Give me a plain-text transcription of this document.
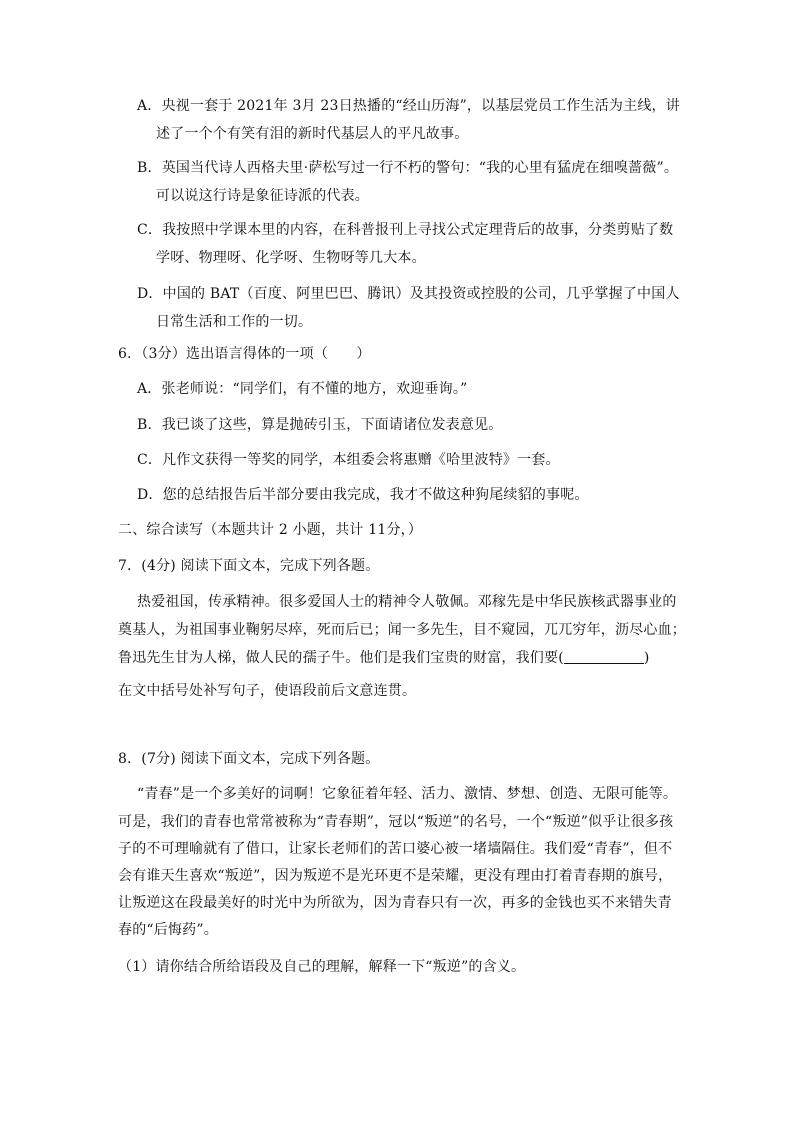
A．央视一套于 2021年 3月 23日热播的“经山历海”，以基层党员工作生活为主线，讲
述了一个个有笑有泪的新时代基层人的平凡故事。
B．英国当代诗人西格夫里·萨松写过一行不朽的警句：“我的心里有猛虎在细嗅蔷薇”。
可以说这行诗是象征诗派的代表。
C．我按照中学课本里的内容，在科普报刊上寻找公式定理背后的故事，分类剪贴了数
学呀、物理呀、化学呀、生物呀等几大本。
D．中国的 BAT（百度、阿里巴巴、腾讯）及其投资或控股的公司，几乎掌握了中国人
日常生活和工作的一切。
6．（3分）选出语言得体的一项（　　）
A．张老师说：“同学们，有不懂的地方，欢迎垂询。”
B．我已谈了这些，算是抛砖引玉，下面请诸位发表意见。
C．凡作文获得一等奖的同学，本组委会将惠赠《哈里波特》一套。
D．您的总结报告后半部分要由我完成，我才不做这种狗尾续貂的事呢。
二、综合读写（本题共计 2 小题，共计 11分，）
7．(4分) 阅读下面文本，完成下列各题。
热爱祖国，传承精神。很多爱国人士的精神令人敬佩。邓稼先是中华民族核武器事业的
奠基人，为祖国事业鞠躬尽瘁，死而后已；闻一多先生，目不窥园，兀兀穷年，沥尽心血；
鲁迅先生甘为人梯，做人民的孺子牛。他们是我们宝贵的财富，我们要(	)
在文中括号处补写句子，使语段前后文意连贯。
8．(7分) 阅读下面文本，完成下列各题。
“青春”是一个多美好的词啊！它象征着年轻、活力、激情、梦想、创造、无限可能等。
可是，我们的青春也常常被称为“青春期”，冠以“叛逆”的名号，一个“叛逆”似乎让很多孩
子的不可理喻就有了借口，让家长老师们的苦口婆心被一堵墙隔住。我们爱“青春”，但不
会有谁天生喜欢“叛逆”，因为叛逆不是光环更不是荣耀，更没有理由打着青春期的旗号，
让叛逆这在段最美好的时光中为所欲为，因为青春只有一次，再多的金钱也买不来错失青
春的“后悔药”。
（1）请你结合所给语段及自己的理解，解释一下“叛逆”的含义。
